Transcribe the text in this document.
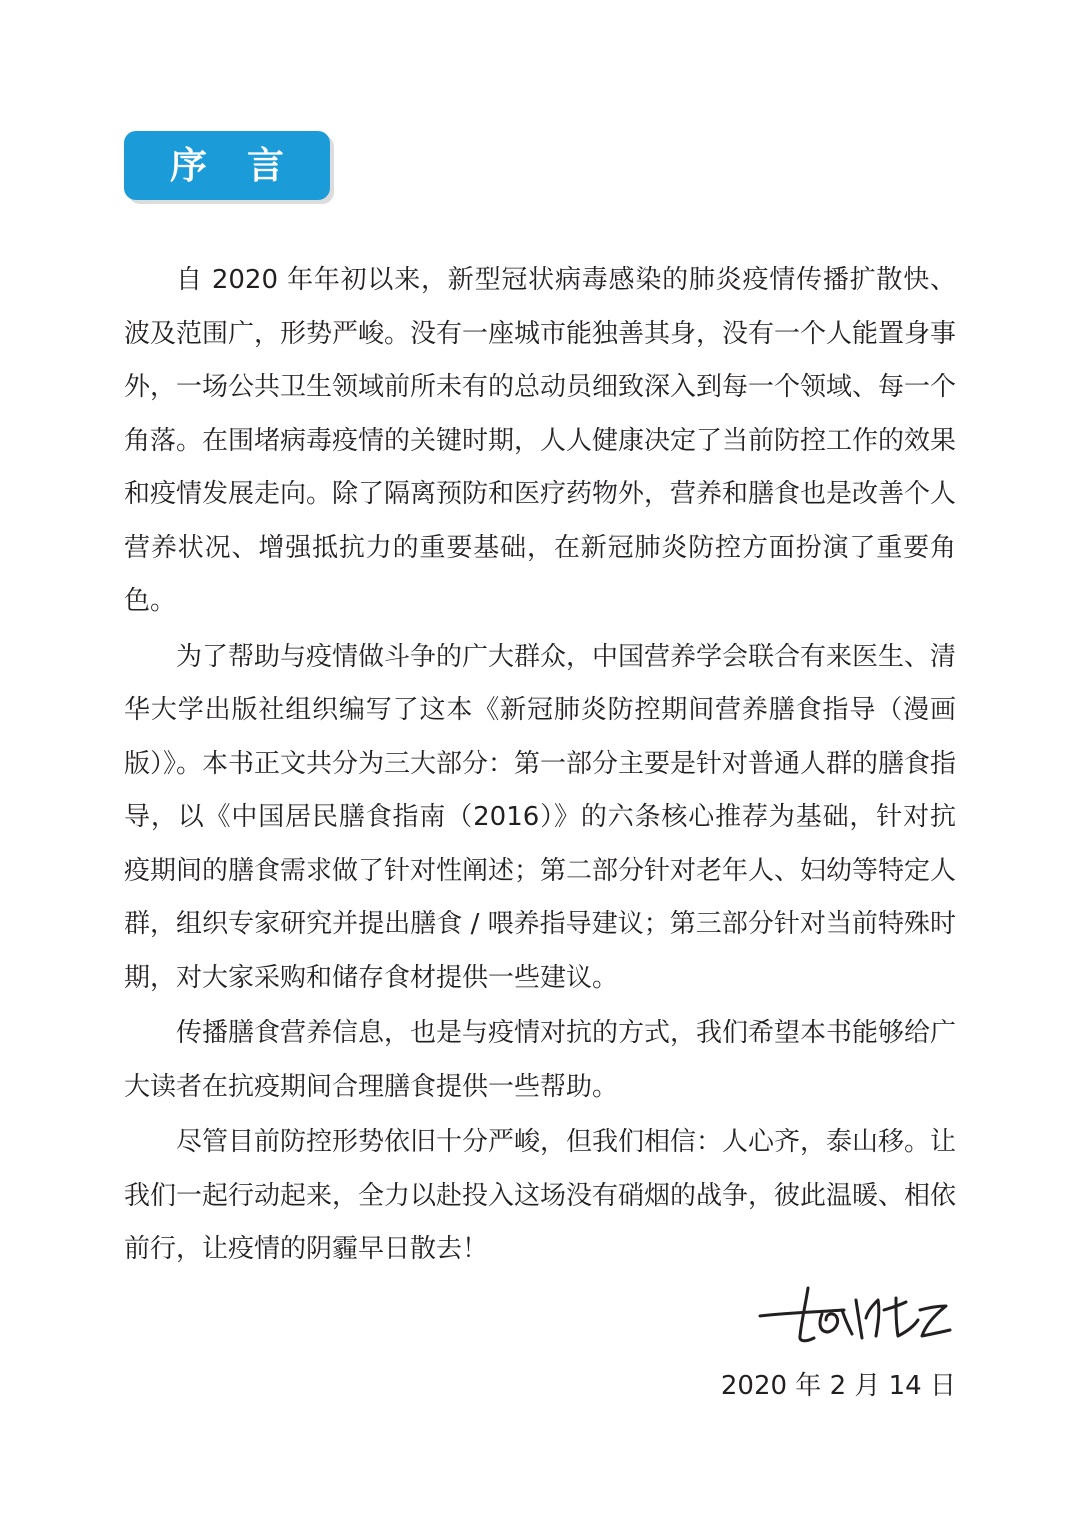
序言

自 2020 年年初以来，新型冠状病毒感染的肺炎疫情传播扩散快、波及范围广，形势严峻。没有一座城市能独善其身，没有一个人能置身事外，一场公共卫生领域前所未有的总动员细致深入到每一个领域、每一个角落。在围堵病毒疫情的关键时期，人人健康决定了当前防控工作的效果和疫情发展走向。除了隔离预防和医疗药物外，营养和膳食也是改善个人营养状况、增强抵抗力的重要基础，在新冠肺炎防控方面扮演了重要角色。

为了帮助与疫情做斗争的广大群众，中国营养学会联合有来医生、清华大学出版社组织编写了这本《新冠肺炎防控期间营养膳食指导（漫画版）》。本书正文共分为三大部分：第一部分主要是针对普通人群的膳食指导，以《中国居民膳食指南（2016）》的六条核心推荐为基础，针对抗疫期间的膳食需求做了针对性阐述；第二部分针对老年人、妇幼等特定人群，组织专家研究并提出膳食 / 喂养指导建议；第三部分针对当前特殊时期，对大家采购和储存食材提供一些建议。

传播膳食营养信息，也是与疫情对抗的方式，我们希望本书能够给广大读者在抗疫期间合理膳食提供一些帮助。

尽管目前防控形势依旧十分严峻，但我们相信：人心齐，泰山移。让我们一起行动起来，全力以赴投入这场没有硝烟的战争，彼此温暖、相依前行，让疫情的阴霾早日散去！

2020 年 2 月 14 日
